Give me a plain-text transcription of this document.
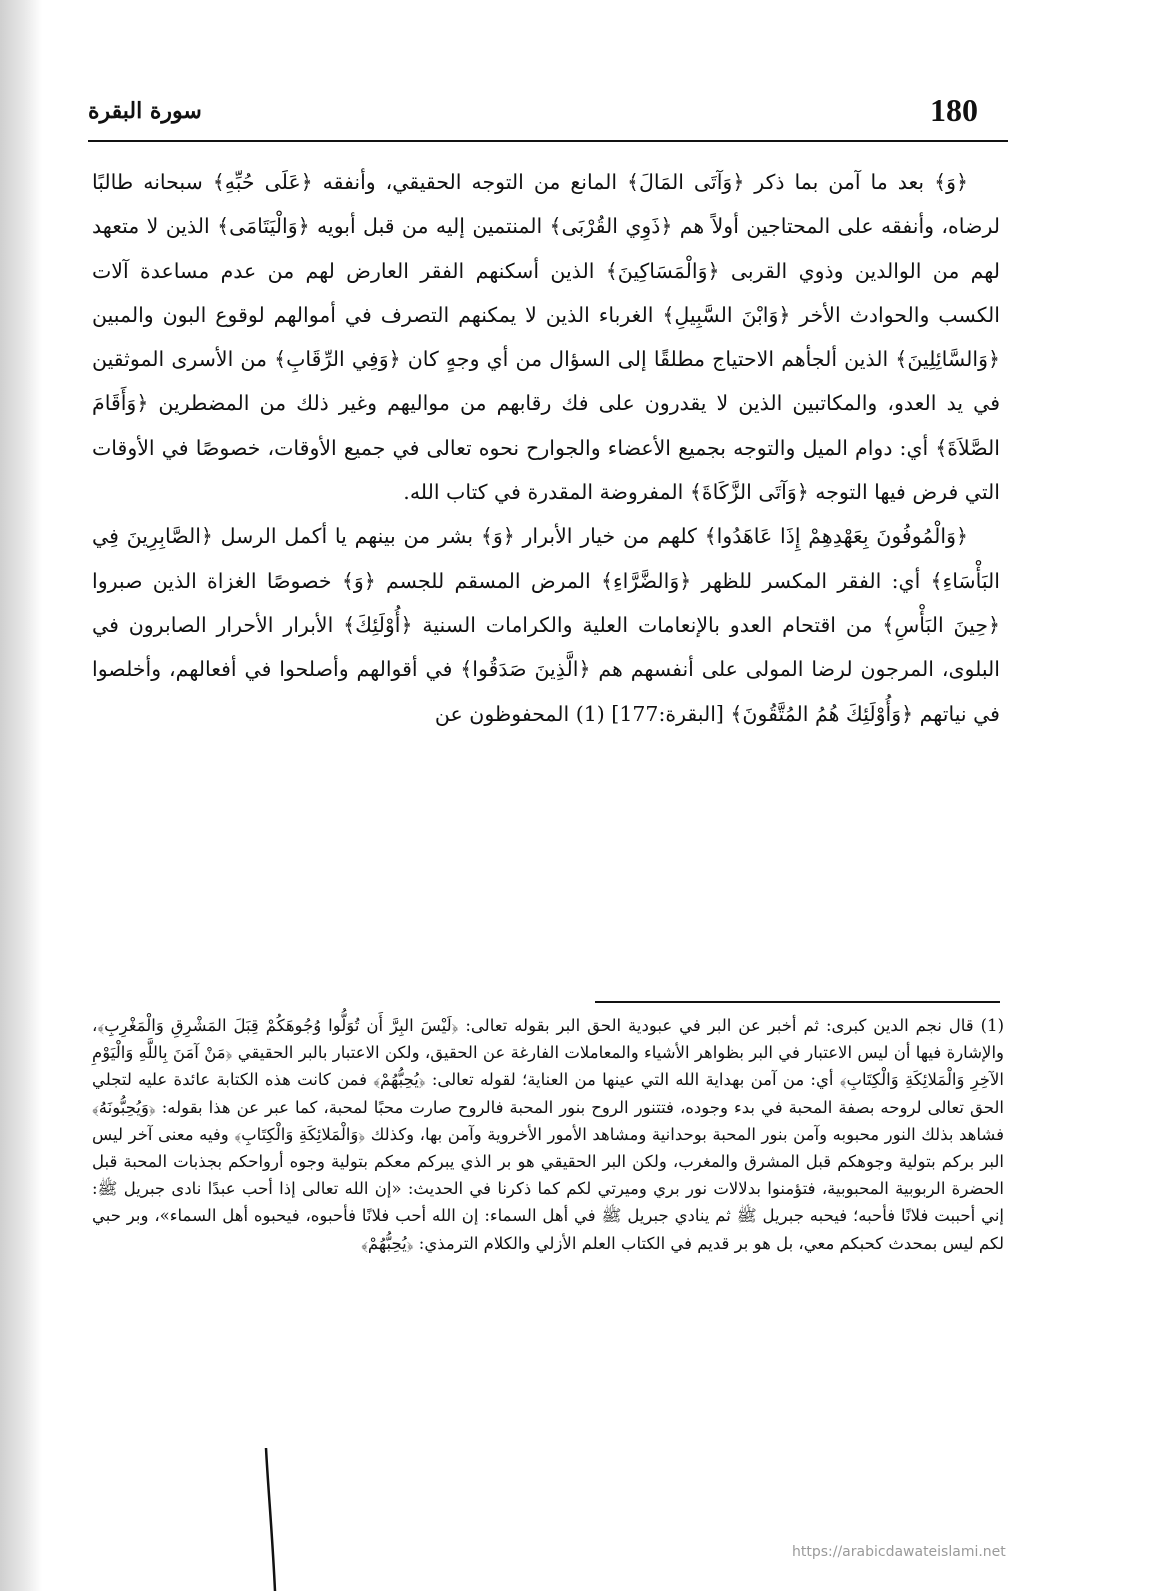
180
سورة البقرة

﴿وَ﴾ بعد ما آمن بما ذكر ﴿وَآتَى المَالَ﴾ المانع من التوجه الحقيقي، وأنفقه ﴿عَلَى حُبِّهِ﴾ سبحانه طالبًا لرضاه، وأنفقه على المحتاجين أولاً هم ﴿ذَوِي القُرْبَى﴾ المنتمين إليه من قبل أبويه ﴿وَالْيَتَامَى﴾ الذين لا متعهد لهم من الوالدين وذوي القربى ﴿وَالْمَسَاكِينَ﴾ الذين أسكنهم الفقر العارض لهم من عدم مساعدة آلات الكسب والحوادث الأخر ﴿وَابْنَ السَّبِيلِ﴾ الغرباء الذين لا يمكنهم التصرف في أموالهم لوقوع البون والمبين ﴿وَالسَّائِلِينَ﴾ الذين ألجأهم الاحتياج مطلقًا إلى السؤال من أي وجهٍ كان ﴿وَفِي الرِّقَابِ﴾ من الأسرى الموثقين في يد العدو، والمكاتبين الذين لا يقدرون على فك رقابهم من مواليهم وغير ذلك من المضطرين ﴿وَأَقَامَ الصَّلاَةَ﴾ أي: دوام الميل والتوجه بجميع الأعضاء والجوارح نحوه تعالى في جميع الأوقات، خصوصًا في الأوقات التي فرض فيها التوجه ﴿وَآتَى الزَّكَاةَ﴾ المفروضة المقدرة في كتاب الله.

﴿وَالْمُوفُونَ بِعَهْدِهِمْ إِذَا عَاهَدُوا﴾ كلهم من خيار الأبرار ﴿وَ﴾ بشر من بينهم يا أكمل الرسل ﴿الصَّابِرِينَ فِي البَأْسَاءِ﴾ أي: الفقر المكسر للظهر ﴿وَالضَّرَّاءِ﴾ المرض المسقم للجسم ﴿وَ﴾ خصوصًا الغزاة الذين صبروا ﴿حِينَ البَأْسِ﴾ من اقتحام العدو بالإنعامات العلية والكرامات السنية ﴿أُوْلَئِكَ﴾ الأبرار الأحرار الصابرون في البلوى، المرجون لرضا المولى على أنفسهم هم ﴿الَّذِينَ صَدَقُوا﴾ في أقوالهم وأصلحوا في أفعالهم، وأخلصوا في نياتهم ﴿وَأُوْلَئِكَ هُمُ المُتَّقُونَ﴾ [البقرة:177] (1) المحفوظون عن

(1) قال نجم الدين كبرى: ثم أخبر عن البر في عبودية الحق البر بقوله تعالى: ﴿لَيْسَ البِرَّ أَن تُوَلُّوا وُجُوهَكُمْ قِبَلَ المَشْرِقِ وَالْمَغْرِبِ﴾، والإشارة فيها أن ليس الاعتبار في البر بظواهر الأشياء والمعاملات الفارغة عن الحقيق، ولكن الاعتبار بالبر الحقيقي ﴿مَنْ آمَنَ بِاللَّهِ وَالْيَوْمِ الآخِرِ وَالْمَلائِكَةِ وَالْكِتَابِ﴾ أي: من آمن بهداية الله التي عينها من العناية؛ لقوله تعالى: ﴿يُحِبُّهُمْ﴾ فمن كانت هذه الكتابة عائدة عليه لتجلي الحق تعالى لروحه بصفة المحبة في بدء وجوده، فتتنور الروح بنور المحبة فالروح صارت محبًا لمحبة، كما عبر عن هذا بقوله: ﴿وَيُحِبُّونَهُ﴾ فشاهد بذلك النور محبوبه وآمن بنور المحبة بوحدانية ومشاهد الأمور الأخروية وآمن بها، وكذلك ﴿وَالْمَلائِكَةِ وَالْكِتَابِ﴾ وفيه معنى آخر ليس البر بركم بتولية وجوهكم قبل المشرق والمغرب، ولكن البر الحقيقي هو بر الذي يبركم معكم بتولية وجوه أرواحكم بجذبات المحبة قبل الحضرة الربوبية المحبوبية، فتؤمنوا بدلالات نور بري وميرتي لكم كما ذكرنا في الحديث: «إن الله تعالى إذا أحب عبدًا نادى جبريل ﷺ: إني أحببت فلانًا فأحبه؛ فيحبه جبريل ﷺ ثم ينادي جبريل ﷺ في أهل السماء: إن الله أحب فلانًا فأحبوه، فيحبوه أهل السماء»، وبر حبي لكم ليس بمحدث كحبكم معي، بل هو بر قديم في الكتاب العلم الأزلي والكلام الترمذي: ﴿يُحِبُّهُمْ﴾

https://arabicdawateislami.net
